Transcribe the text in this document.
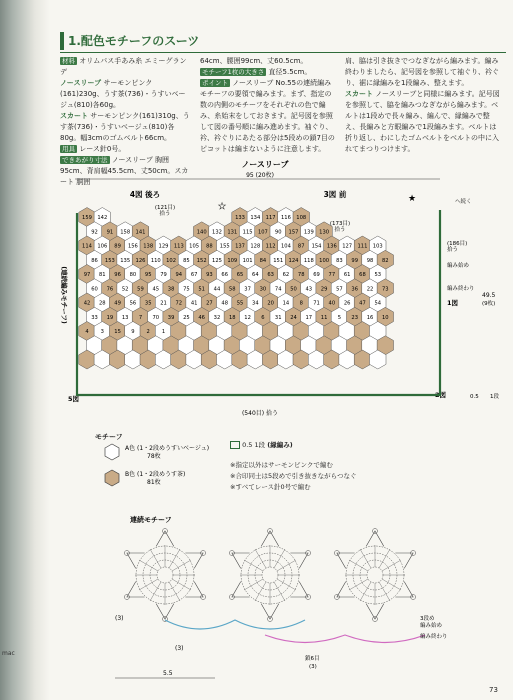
mac
1.配色モチーフのスーツ

材料 オリムパス手あみ糸 エミーグランデ

ノースリーブ サーモンピンク(161)230g、うす茶(736)・うすいベージュ(810)各60g。

スカート サーモンピンク(161)310g、うす茶(736)・うすいベージュ(810)各80g。幅3cmのゴムベルト66cm。

用具 レース針0号。

できあがり寸法 ノースリーブ 胸囲95cm、背肩幅45.5cm、丈50cm。スカート 胴囲

64cm、腰囲99cm、丈60.5cm。

モチーフ1枚の大きさ 直径5.5cm。

ポイント ノースリーブ No.55の連続編みモチーフの要領で編みます。まず、指定の数の内側のモチーフをそれぞれの色で編み、糸始末をしておきます。記号図を参照して図の番号順に編み進めます。袖ぐり、衿、衿ぐりにあたる部分は5段めの鎖7目のピコットは編まないように注意します。

肩、脇は引き抜きでつなぎながら編みます。編み終わりましたら、記号図を参照して袖ぐり、衿ぐり、裾に縁編みを1段編み、整えます。

スカート ノースリーブと同様に編みます。記号図を参照して、脇を編みつなぎながら編みます。ベルトは1段めで長々編み、編んで、縁編みで整え、長編みと方眼編みで1段編みます。ベルトは折り返し、わにしたゴムベルトをベルトの中に入れてまつりつけます。

ノースリーブ
95 (20枚)
4図 後ろ	3図 前
(121目)
拾う
(173目)
拾う
へ続く
(186目)
拾う
編み始め
編み終わり
1図
2図
5図
49.5
(9枚)
0.5 1段
(540目) 拾う
(連続編みモチーフ)
159 142	133 134 117 116 108
92 91 158 141	140 132 131 115 107 90 157 139 130
114 106 89 156 138 129 113 105 88 155 137 128 112 104 87 154 136 127 111 103
86 153 135 126 110 102 85 152 125 109 101 84 151 124 118 100 83 99 98 82
97 81 96 80 95 79 94 67 93 66 65 64 63 62 78 69 77 61 68 53
60 76 52 59 45 38 75 51 44 58 37 30 74 50 43 29 57 36 22 73
42 28 49 56 35 21 72 41 27 48 55 34 20 14 8 71 40 26 47 54
33 19 13 7 70 39 25 46 32 18 12 6 31 24 17 11 5 23 16 10
4 3 15 9 2 1
★
★
モチーフ
A色 (1・2段めうすいベージュ)
78枚
B色 (1・2段めうす茶)
81枚
0.5 1段 (縁編み)
※指定以外はサーモンピンクで編む
※合印同士は5段めで引き抜きながらつなぐ
※すべてレース針0号で編む
連続モチーフ
(3)
(3)
鎖6目
(3)
3段め
編み始め
編み終わり
5.5
73
